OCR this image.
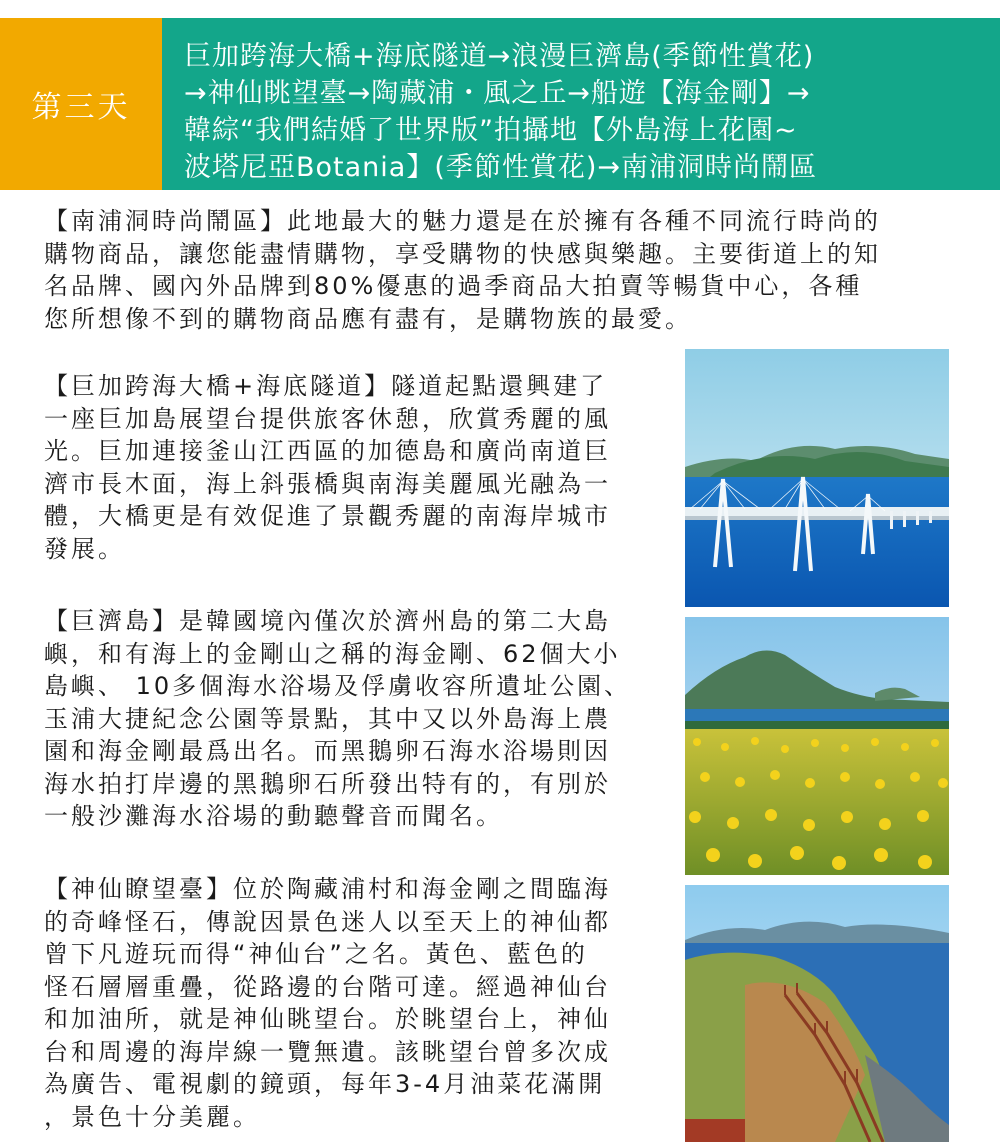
第三天
巨加跨海大橋+海底隧道→浪漫巨濟島(季節性賞花)
→神仙眺望臺→陶藏浦・風之丘→船遊【海金剛】→
韓綜“我們結婚了世界版”拍攝地【外島海上花園~
波塔尼亞Botania】(季節性賞花)→南浦洞時尚鬧區

【南浦洞時尚鬧區】此地最大的魅力還是在於擁有各種不同流行時尚的
購物商品，讓您能盡情購物，享受購物的快感與樂趣。主要街道上的知
名品牌、國內外品牌到80%優惠的過季商品大拍賣等暢貨中心，各種
您所想像不到的購物商品應有盡有，是購物族的最愛。

【巨加跨海大橋+海底隧道】隧道起點還興建了
一座巨加島展望台提供旅客休憩，欣賞秀麗的風
光。巨加連接釜山江西區的加德島和廣尚南道巨
濟市長木面，海上斜張橋與南海美麗風光融為一
體，大橋更是有效促進了景觀秀麗的南海岸城市
發展。

【巨濟島】是韓國境內僅次於濟州島的第二大島
嶼，和有海上的金剛山之稱的海金剛、62個大小
島嶼、 10多個海水浴場及俘虜收容所遺址公園、
玉浦大捷紀念公園等景點，其中又以外島海上農
園和海金剛最爲出名。而黑鵝卵石海水浴場則因
海水拍打岸邊的黑鵝卵石所發出特有的，有別於
一般沙灘海水浴場的動聽聲音而聞名。

【神仙瞭望臺】位於陶藏浦村和海金剛之間臨海
的奇峰怪石，傳說因景色迷人以至天上的神仙都
曾下凡遊玩而得“神仙台”之名。黃色、藍色的
怪石層層重疊，從路邊的台階可達。經過神仙台
和加油所，就是神仙眺望台。於眺望台上，神仙
台和周邊的海岸線一覽無遺。該眺望台曾多次成
為廣告、電視劇的鏡頭，每年3-4月油菜花滿開
，景色十分美麗。
